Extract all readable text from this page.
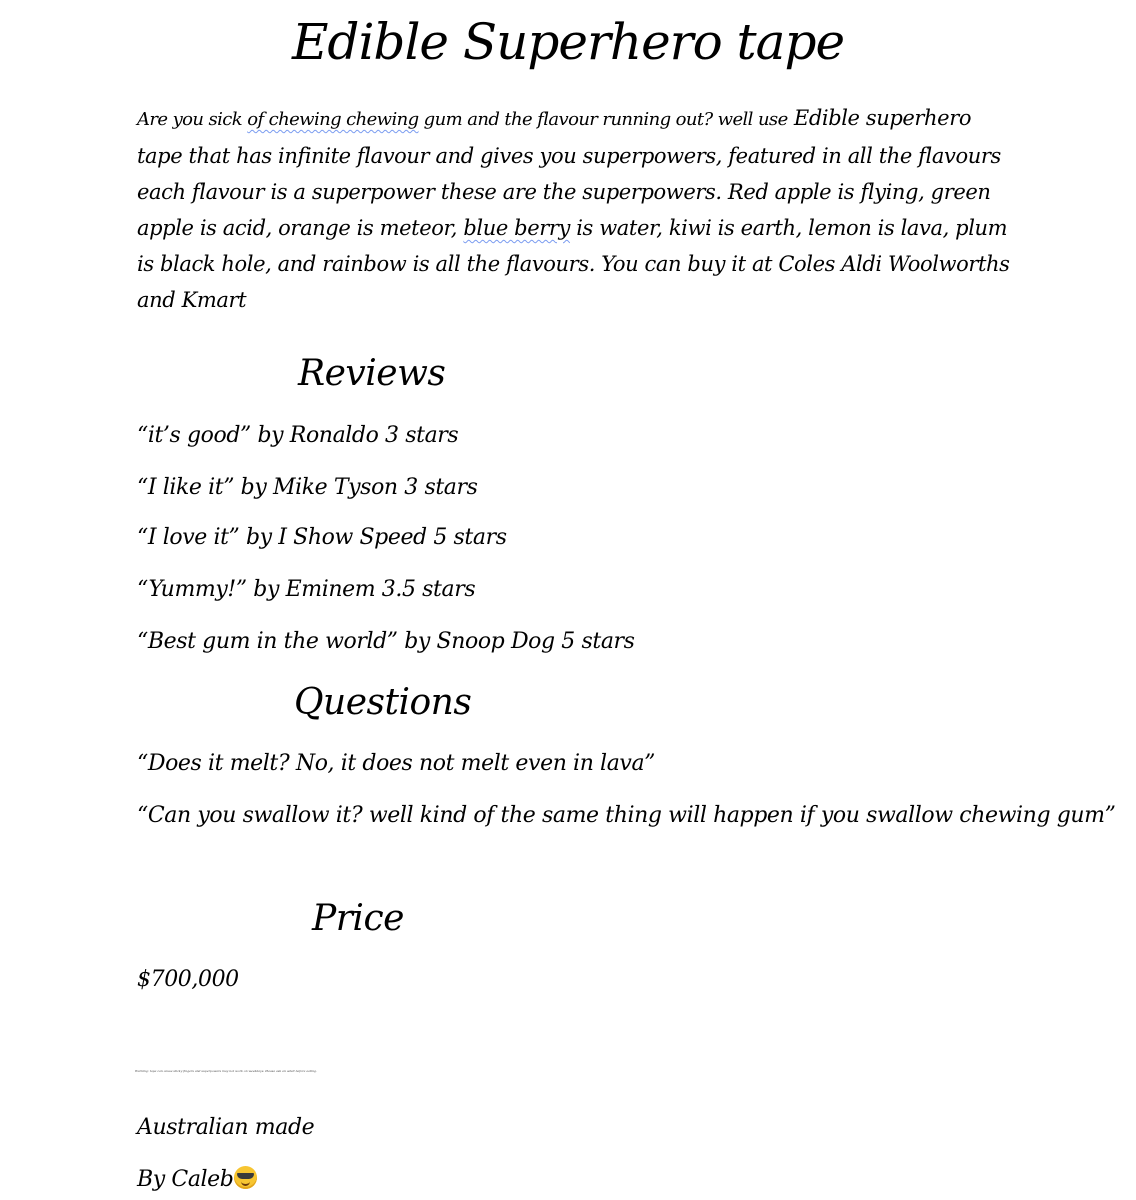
Edible Superhero tape

Are you sick of chewing chewing gum and the flavour running out? well use Edible superhero tape that has infinite flavour and gives you superpowers, featured in all the flavours each flavour is a superpower these are the superpowers. Red apple is flying, green apple is acid, orange is meteor, blue berry is water, kiwi is earth, lemon is lava, plum is black hole, and rainbow is all the flavours. You can buy it at Coles Aldi Woolworths and Kmart

Reviews

“it’s good” by Ronaldo 3 stars

“I like it” by Mike Tyson 3 stars

“I love it” by I Show Speed 5 stars

“Yummy!” by Eminem 3.5 stars

“Best gum in the world” by Snoop Dog 5 stars

Questions

“Does it melt? No, it does not melt even in lava”

“Can you swallow it? well kind of the same thing will happen if you swallow chewing gum”

Price

$700,000

Warning: tape can cause sticky fingers and superpowers may not work on weekdays. Please ask an adult before eating.

Australian made

By Caleb
